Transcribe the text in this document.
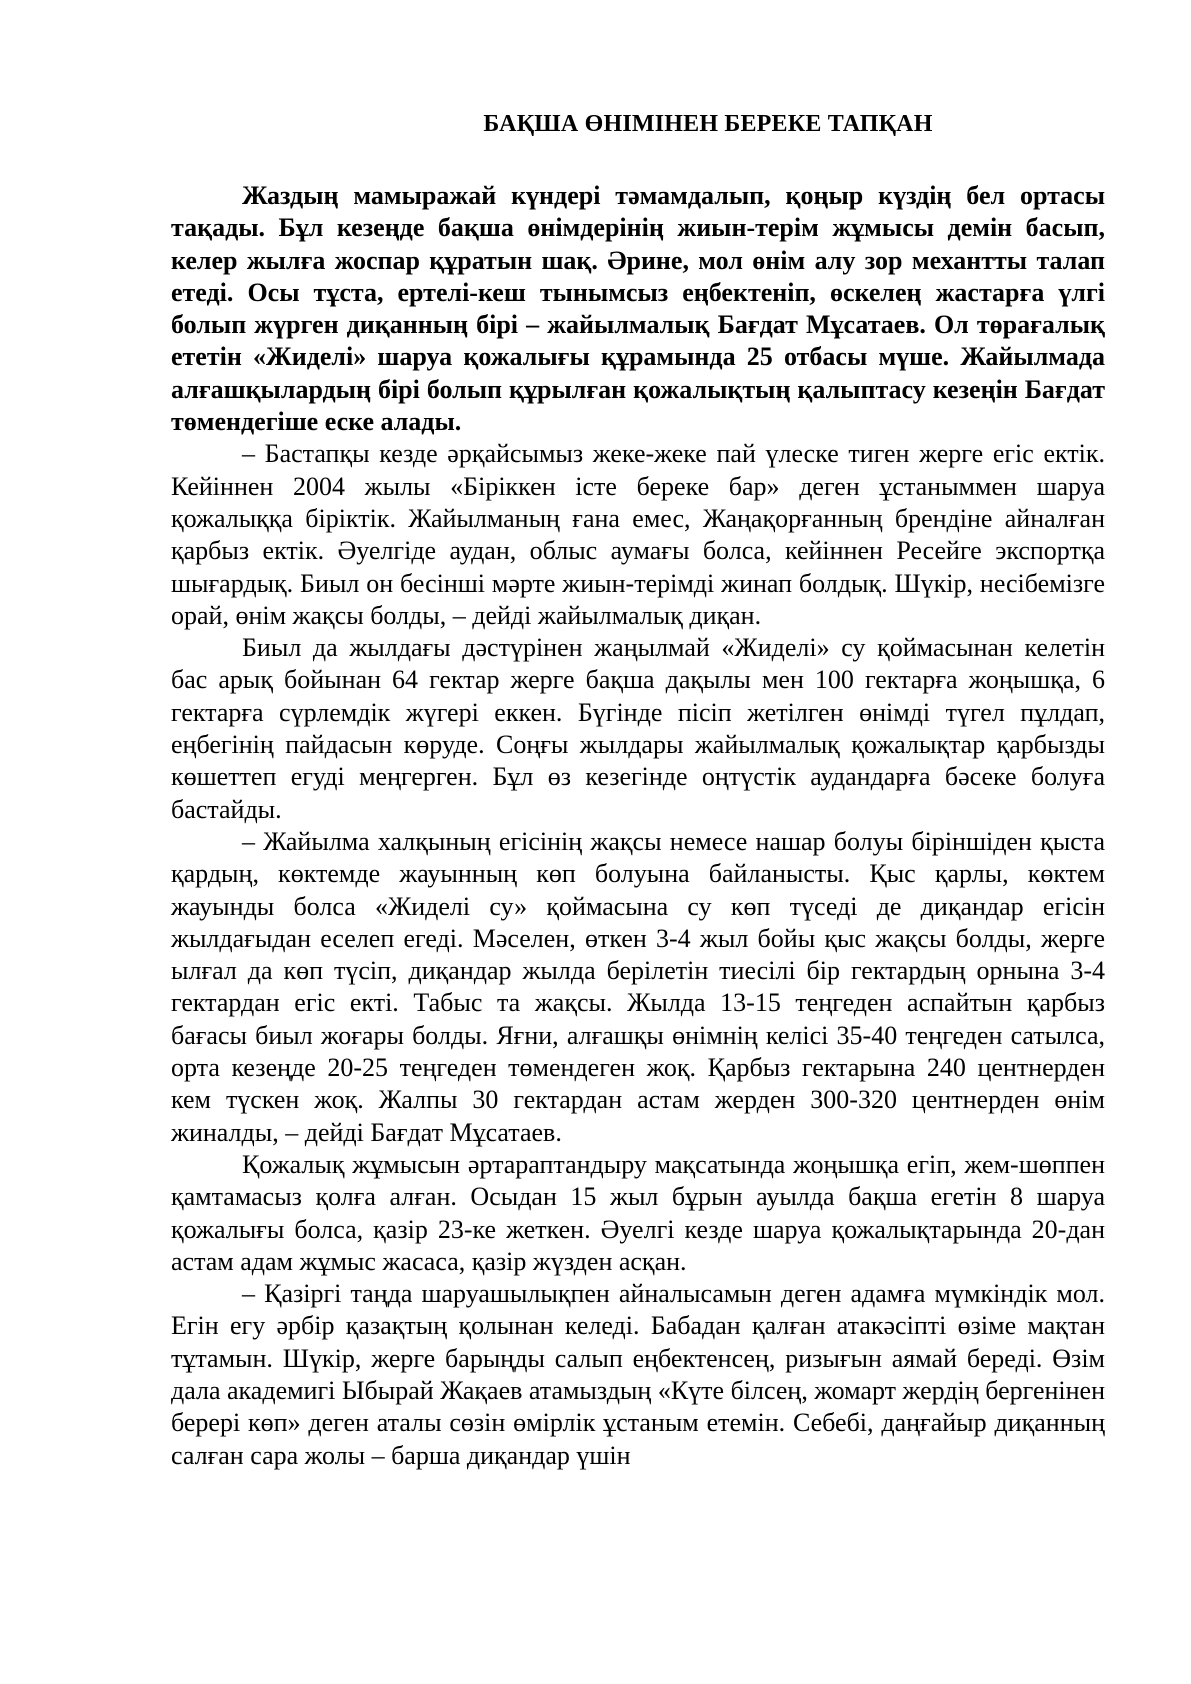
БАҚША ӨНІМІНЕН БЕРЕКЕ ТАПҚАН

Жаздың мамыражай күндері тәмамдалып, қоңыр күздің бел ортасы тақады. Бұл кезеңде бақша өнімдерінің жиын-терім жұмысы демін басып, келер жылға жоспар құратын шақ. Әрине, мол өнім алу зор механтты талап етеді. Осы тұста, ертелі-кеш тынымсыз еңбектеніп, өскелең жастарға үлгі болып жүрген диқанның бірі – жайылмалық Бағдат Мұсатаев. Ол төрағалық ететін «Жиделі» шаруа қожалығы құрамында 25 отбасы мүше. Жайылмада алғашқылардың бірі болып құрылған қожалықтың қалыптасу кезеңін Бағдат төмендегіше еске алады.

– Бастапқы кезде әрқайсымыз жеке-жеке пай үлеске тиген жерге егіс ектік. Кейіннен 2004 жылы «Біріккен істе береке бар» деген ұстаныммен шаруа қожалыққа біріктік. Жайылманың ғана емес, Жаңақорғанның брендіне айналған қарбыз ектік. Әуелгіде аудан, облыс аумағы болса, кейіннен Ресейге экспортқа шығардық. Биыл он бесінші мәрте жиын-терімді жинап болдық. Шүкір, несібемізге орай, өнім жақсы болды, – дейді жайылмалық диқан.

Биыл да жылдағы дәстүрінен жаңылмай «Жиделі» су қоймасынан келетін бас арық бойынан 64 гектар жерге бақша дақылы мен 100 гектарға жоңышқа, 6 гектарға сүрлемдік жүгері еккен. Бүгінде пісіп жетілген өнімді түгел пұлдап, еңбегінің пайдасын көруде. Соңғы жылдары жайылмалық қожалықтар қарбызды көшеттеп егуді меңгерген. Бұл өз кезегінде оңтүстік аудандарға бәсеке болуға бастайды.

– Жайылма халқының егісінің жақсы немесе нашар болуы біріншіден қыста қардың, көктемде жауынның көп болуына байланысты. Қыс қарлы, көктем жауынды болса «Жиделі су» қоймасына су көп түседі де диқандар егісін жылдағыдан еселеп егеді. Мәселен, өткен 3-4 жыл бойы қыс жақсы болды, жерге ылғал да көп түсіп, диқандар жылда берілетін тиесілі бір гектардың орнына 3-4 гектардан егіс екті. Табыс та жақсы. Жылда 13-15 теңгеден аспайтын қарбыз бағасы биыл жоғары болды. Яғни, алғашқы өнімнің келісі 35-40 теңгеден сатылса, орта кезеңде 20-25 теңгеден төмендеген жоқ. Қарбыз гектарына 240 центнерден кем түскен жоқ. Жалпы 30 гектардан астам жерден 300-320 центнерден өнім жиналды, – дейді Бағдат Мұсатаев.

Қожалық жұмысын әртараптандыру мақсатында жоңышқа егіп, жем-шөппен қамтамасыз қолға алған. Осыдан 15 жыл бұрын ауылда бақша егетін 8 шаруа қожалығы болса, қазір 23-ке жеткен. Әуелгі кезде шаруа қожалықтарында 20-дан астам адам жұмыс жасаса, қазір жүзден асқан.

– Қазіргі таңда шаруашылықпен айналысамын деген адамға мүмкіндік мол. Егін егу әрбір қазақтың қолынан келеді. Бабадан қалған атакәсіпті өзіме мақтан тұтамын. Шүкір, жерге барыңды салып еңбектенсең, ризығын аямай береді. Өзім дала академигі Ыбырай Жақаев атамыздың «Күте білсең, жомарт жердің бергенінен берері көп» деген аталы сөзін өмірлік ұстаным етемін. Себебі, даңғайыр диқанның салған сара жолы – барша диқандар үшін
